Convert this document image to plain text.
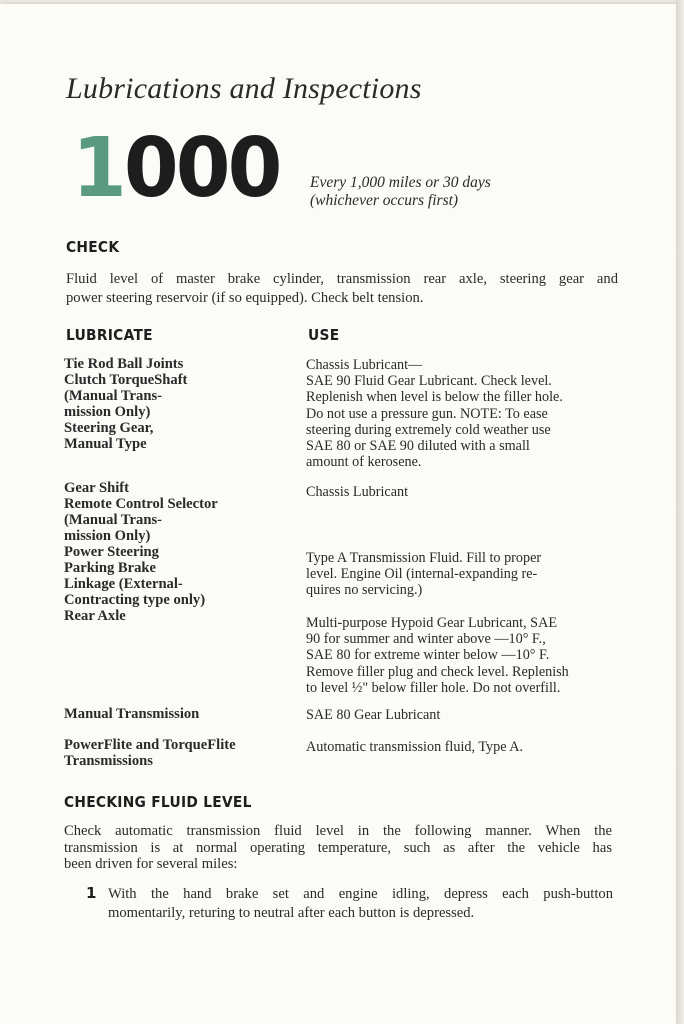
Lubrications and Inspections
1000 Every 1,000 miles or 30 days
(whichever occurs first)
CHECK
Fluid level of master brake cylinder, transmission rear axle, steering gear and
power steering reservoir (if so equipped). Check belt tension.
LUBRICATE	USE
Tie Rod Ball Joints
Clutch TorqueShaft
(Manual Trans-
mission Only)
Steering Gear,
Manual Type
Chassis Lubricant—
SAE 90 Fluid Gear Lubricant. Check level.
Replenish when level is below the filler hole.
Do not use a pressure gun. NOTE: To ease
steering during extremely cold weather use
SAE 80 or SAE 90 diluted with a small
amount of kerosene.
Gear Shift
Remote Control Selector
(Manual Trans-
mission Only)
Power Steering
Parking Brake
Linkage (External-
Contracting type only)
Rear Axle
Chassis Lubricant
Type A Transmission Fluid. Fill to proper
level. Engine Oil (internal-expanding re-
quires no servicing.)
Multi-purpose Hypoid Gear Lubricant, SAE
90 for summer and winter above —10° F.,
SAE 80 for extreme winter below —10° F.
Remove filler plug and check level. Replenish
to level ½" below filler hole. Do not overfill.
Manual Transmission	SAE 80 Gear Lubricant
PowerFlite and TorqueFlite
Transmissions
Automatic transmission fluid, Type A.
CHECKING FLUID LEVEL
Check automatic transmission fluid level in the following manner. When the
transmission is at normal operating temperature, such as after the vehicle has
been driven for several miles:
1 With the hand brake set and engine idling, depress each push-button
momentarily, returing to neutral after each button is depressed.
